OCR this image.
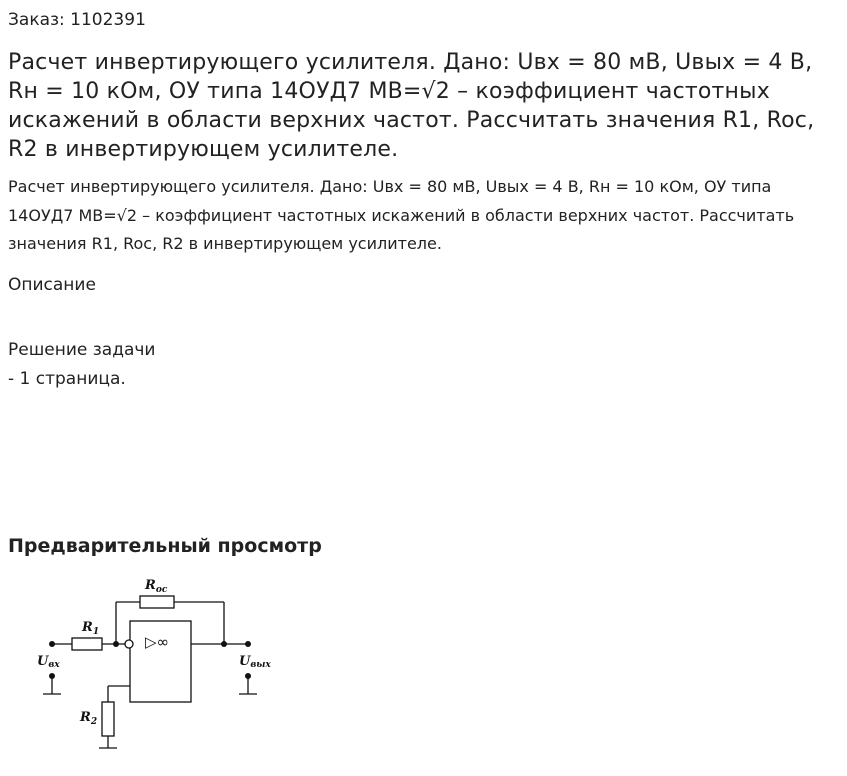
Заказ: 1102391
Расчет инвертирующего усилителя. Дано: Uвх = 80 мВ, Uвых = 4 В, Rн = 10 кОм, ОУ типа 14ОУД7 MВ=√2 – коэффициент частотных искажений в области верхних частот. Рассчитать значения R1, Roc, R2 в инвертирующем усилителе.

Расчет инвертирующего усилителя. Дано: Uвх = 80 мВ, Uвых = 4 В, Rн = 10 кОм, ОУ типа 14ОУД7 MВ=√2 – коэффициент частотных искажений в области верхних частот. Рассчитать значения R1, Roc, R2 в инвертирующем усилителе.

Описание
Решение задачи
- 1 страница.
Предварительный просмотр
$R_{oc}$
$R_1$
$R_2$
Uвх	Uвых
▷∞
